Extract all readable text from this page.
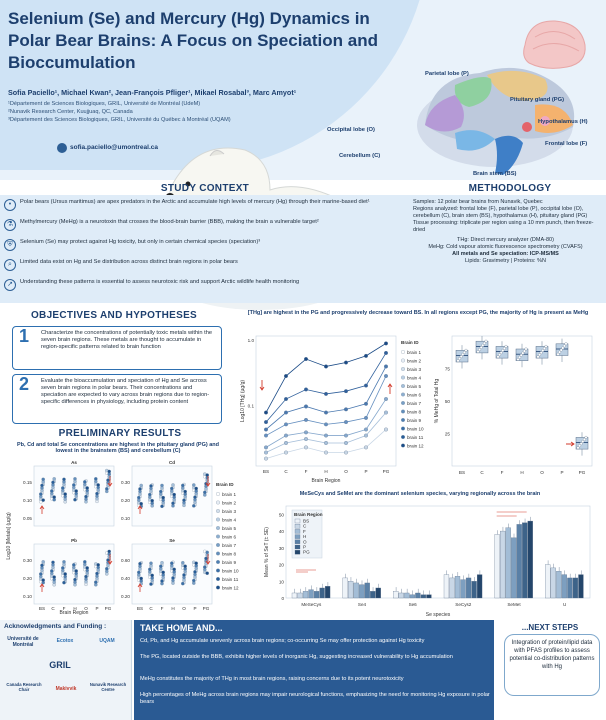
Selenium (Se) and Mercury (Hg) Dynamics in Polar Bear Brains: A Focus on Speciation and Bioccumulation
Sofia Paciello¹, Michael Kwan², Jean-François Pfliger¹, Mikael Rosabal³, Marc Amyot¹
¹Département de Sciences Biologiques, GRIL, Université de Montréal (UdeM)
²Nunavik Research Center, Kuujjuaq, QC, Canada
³Département des Sciences Biologiques, GRIL, Université du Québec à Montréal (UQAM)
sofia.paciello@umontreal.ca
Parietal lobe (P)
Pituitary gland (PG)
Hypothalamus (H)
Occipital lobe (O)
Frontal lobe (F)
Cerebellum (C)
Brain stem (BS)
STUDY CONTEXT
•	Polar bears (Ursus maritimus) are apex predators in the Arctic and accumulate high levels of mercury (Hg) through their marine-based diet¹
⚗	Methylmercury (MeHg) is a neurotoxin that crosses the blood-brain barrier (BBB), making the brain a vulnerable target²
⛨	Selenium (Se) may protect against Hg toxicity, but only in certain chemical species (speciation)³
⌕	Limited data exist on Hg and Se distribution across distinct brain regions in polar bears
↗	Understanding these patterns is essential to assess neurotoxic risk and support Arctic wildlife health monitoring
METHODOLOGY
Samples: 12 polar bear brains from Nunavik, Quebec
Regions analyzed: frontal lobe (F), parietal lobe (P), occipital lobe (O), cerebellum (C), brain stem (BS), hypothalamus (H), pituitary gland (PG)
Tissue processing: triplicate per region using a 10 mm punch, then freeze-dried
THg: Direct mercury analyzer (DMA-80)
MeHg: Cold vapour atomic fluorescence spectrometry (CVAFS)
All metals and Se speciation: ICP-MS/MS
Lipids: Gravimetry | Proteins: %N
OBJECTIVES AND HYPOTHESES
1 Characterize the concentrations of potentially toxic metals within the seven brain regions. These metals are thought to accumulate in region-specific patterns related to brain function
2 Evaluate the bioaccumulation and speciation of Hg and Se across seven brain regions in polar bears. Their concentrations and speciation are expected to vary across brain regions due to region-specific differences in physiology, including protein content
PRELIMINARY RESULTS
Pb, Cd and total Se concentrations are highest in the pituitary gland (PG) and lowest in the brainstem (BS) and cerebellum (C)
[THg] are highest in the PG and progressively decrease toward BS. In all regions except PG, the majority of Hg is present as MeHg
MeSeCys and SeMet are the dominant selenium species, varying regionally across the brain
Log10 [Metals] (µg/g)
Brain Region
As
0.05
0.10
0.15
Cd
0.10
0.20
0.30
Pb
0.10
0.20
0.30
BS C F H O P PG
Se
0.20
0.40
0.60
BS C F H O P PG
Brain ID
brain 1
brain 2
brain 3
brain 4
brain 5
brain 6
brain 7
brain 8
brain 9
brain 10
brain 11
brain 12
Log10 [THg] (µg/g)
Brain Region
1.0
0.1
BS	C	F	H	O	P	PG
Brain ID
brain 1
brain 2
brain 3
brain 4
brain 5
brain 6
brain 7
brain 8
brain 9
brain 10
brain 11
brain 12
% MeHg of Total Hg
25
50
75
BS	C	F	H	O	P	PG
Mean % of SeT (± SE)
Se species
0
10
20
30
40
50
MeSeCys	Se4	Se6	SeCys2	SeMet	U
Brain Region
BS
C
F
H
O
P
PG
Acknowledgments and Funding :
Université de Montréal
Ecotox	UQAM
GRIL
Canada Research Chair	Makivvik
Nunavik Research Centre
TAKE HOME AND...
Cd, Pb, and Hg accumulate unevenly across brain regions; co-occurring Se may offer protection against Hg toxicity
The PG, located outside the BBB, exhibits higher levels of inorganic Hg, suggesting increased vulnerability to Hg accumulation
MeHg constitutes the majority of THg in most brain regions, raising concerns due to its potent neurotoxicity
High percentages of MeHg across brain regions may impair neurological functions, emphasizing the need for monitoring Hg exposure in polar bears
...NEXT STEPS
Integration of protein/lipid data with PFAS profiles to assess potential co-distribution patterns with Hg
